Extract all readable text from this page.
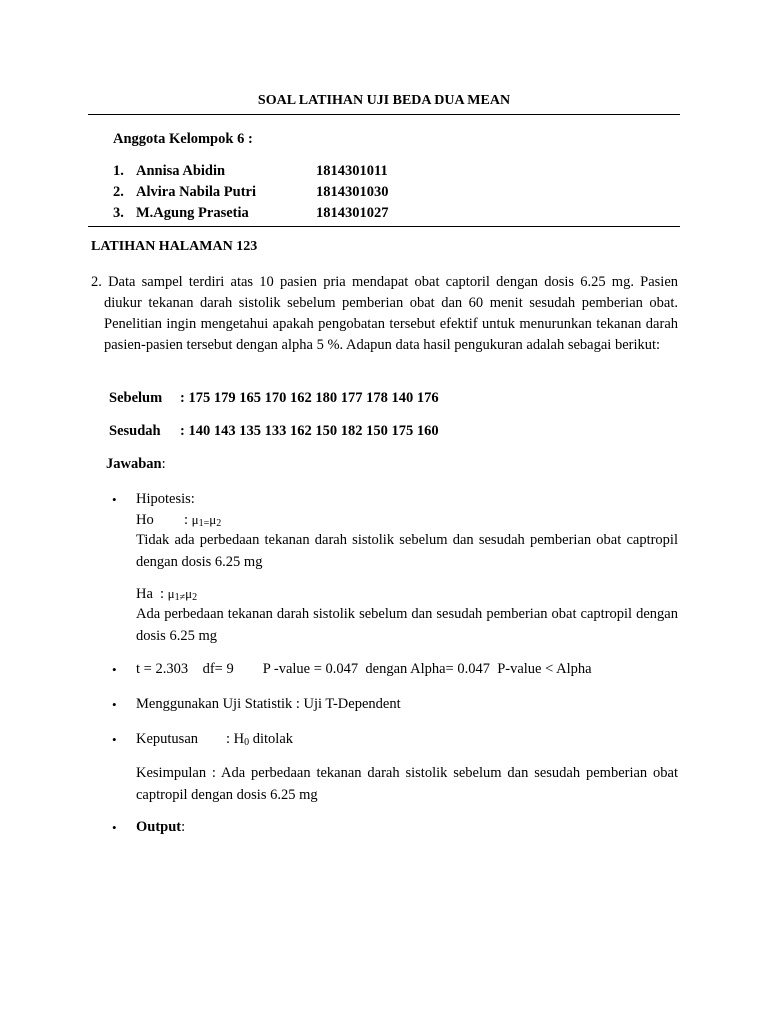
SOAL LATIHAN UJI BEDA DUA MEAN
Anggota Kelompok 6 :
1. Annisa Abidin	1814301011
2. Alvira Nabila Putri	1814301030
3. M.Agung Prasetia	1814301027
LATIHAN HALAMAN 123
2. Data sampel terdiri atas 10 pasien pria mendapat obat captoril dengan dosis 6.25 mg. Pasien diukur tekanan darah sistolik sebelum pemberian obat dan 60 menit sesudah pemberian obat. Penelitian ingin mengetahui apakah pengobatan tersebut efektif untuk menurunkan tekanan darah pasien-pasien tersebut dengan alpha 5 %. Adapun data hasil pengukuran adalah sebagai berikut:
Sebelum : 175 179 165 170 162 180 177 178 140 176
Sesudah : 140 143 135 133 162 150 182 150 175 160
Jawaban:
• Hipotesis:
Ho : $\mu_{1=}\mu_2$
Tidak ada perbedaan tekanan darah sistolik sebelum dan sesudah pemberian obat captropil dengan dosis 6.25 mg
Ha : $\mu_{1\ne}\mu_2$
Ada perbedaan tekanan darah sistolik sebelum dan sesudah pemberian obat captropil dengan dosis 6.25 mg
• t = 2.303    df= 9        P -value = 0.047  dengan Alpha= 0.047  P-value < Alpha
• Menggunakan Uji Statistik : Uji T-Dependent
• Keputusan : $H_0$ ditolak
Kesimpulan : Ada perbedaan tekanan darah sistolik sebelum dan sesudah pemberian obat captropil dengan dosis 6.25 mg
• Output:
